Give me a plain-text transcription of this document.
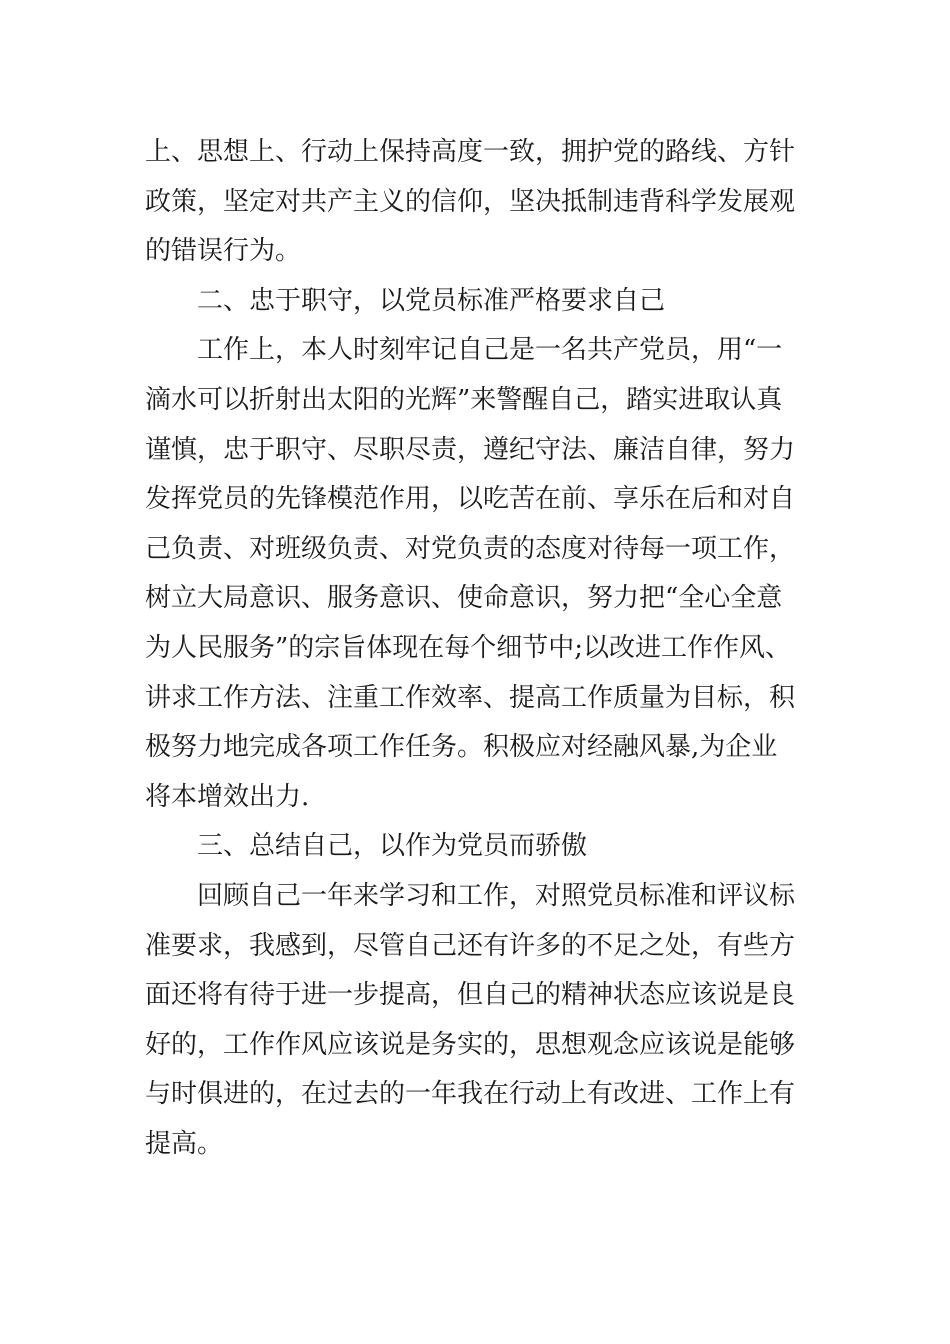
上、思想上、行动上保持高度一致，拥护党的路线、方针
政策，坚定对共产主义的信仰，坚决抵制违背科学发展观
的错误行为。
二、忠于职守，以党员标准严格要求自己
工作上，本人时刻牢记自己是一名共产党员，用“一
滴水可以折射出太阳的光辉”来警醒自己，踏实进取认真
谨慎，忠于职守、尽职尽责，遵纪守法、廉洁自律，努力
发挥党员的先锋模范作用，以吃苦在前、享乐在后和对自
己负责、对班级负责、对党负责的态度对待每一项工作，
树立大局意识、服务意识、使命意识，努力把“全心全意
为人民服务”的宗旨体现在每个细节中;以改进工作作风、
讲求工作方法、注重工作效率、提高工作质量为目标，积
极努力地完成各项工作任务。积极应对经融风暴,为企业
将本增效出力.
三、总结自己，以作为党员而骄傲
回顾自己一年来学习和工作，对照党员标准和评议标
准要求，我感到，尽管自己还有许多的不足之处，有些方
面还将有待于进一步提高，但自己的精神状态应该说是良
好的，工作作风应该说是务实的，思想观念应该说是能够
与时俱进的，在过去的一年我在行动上有改进、工作上有
提高。
